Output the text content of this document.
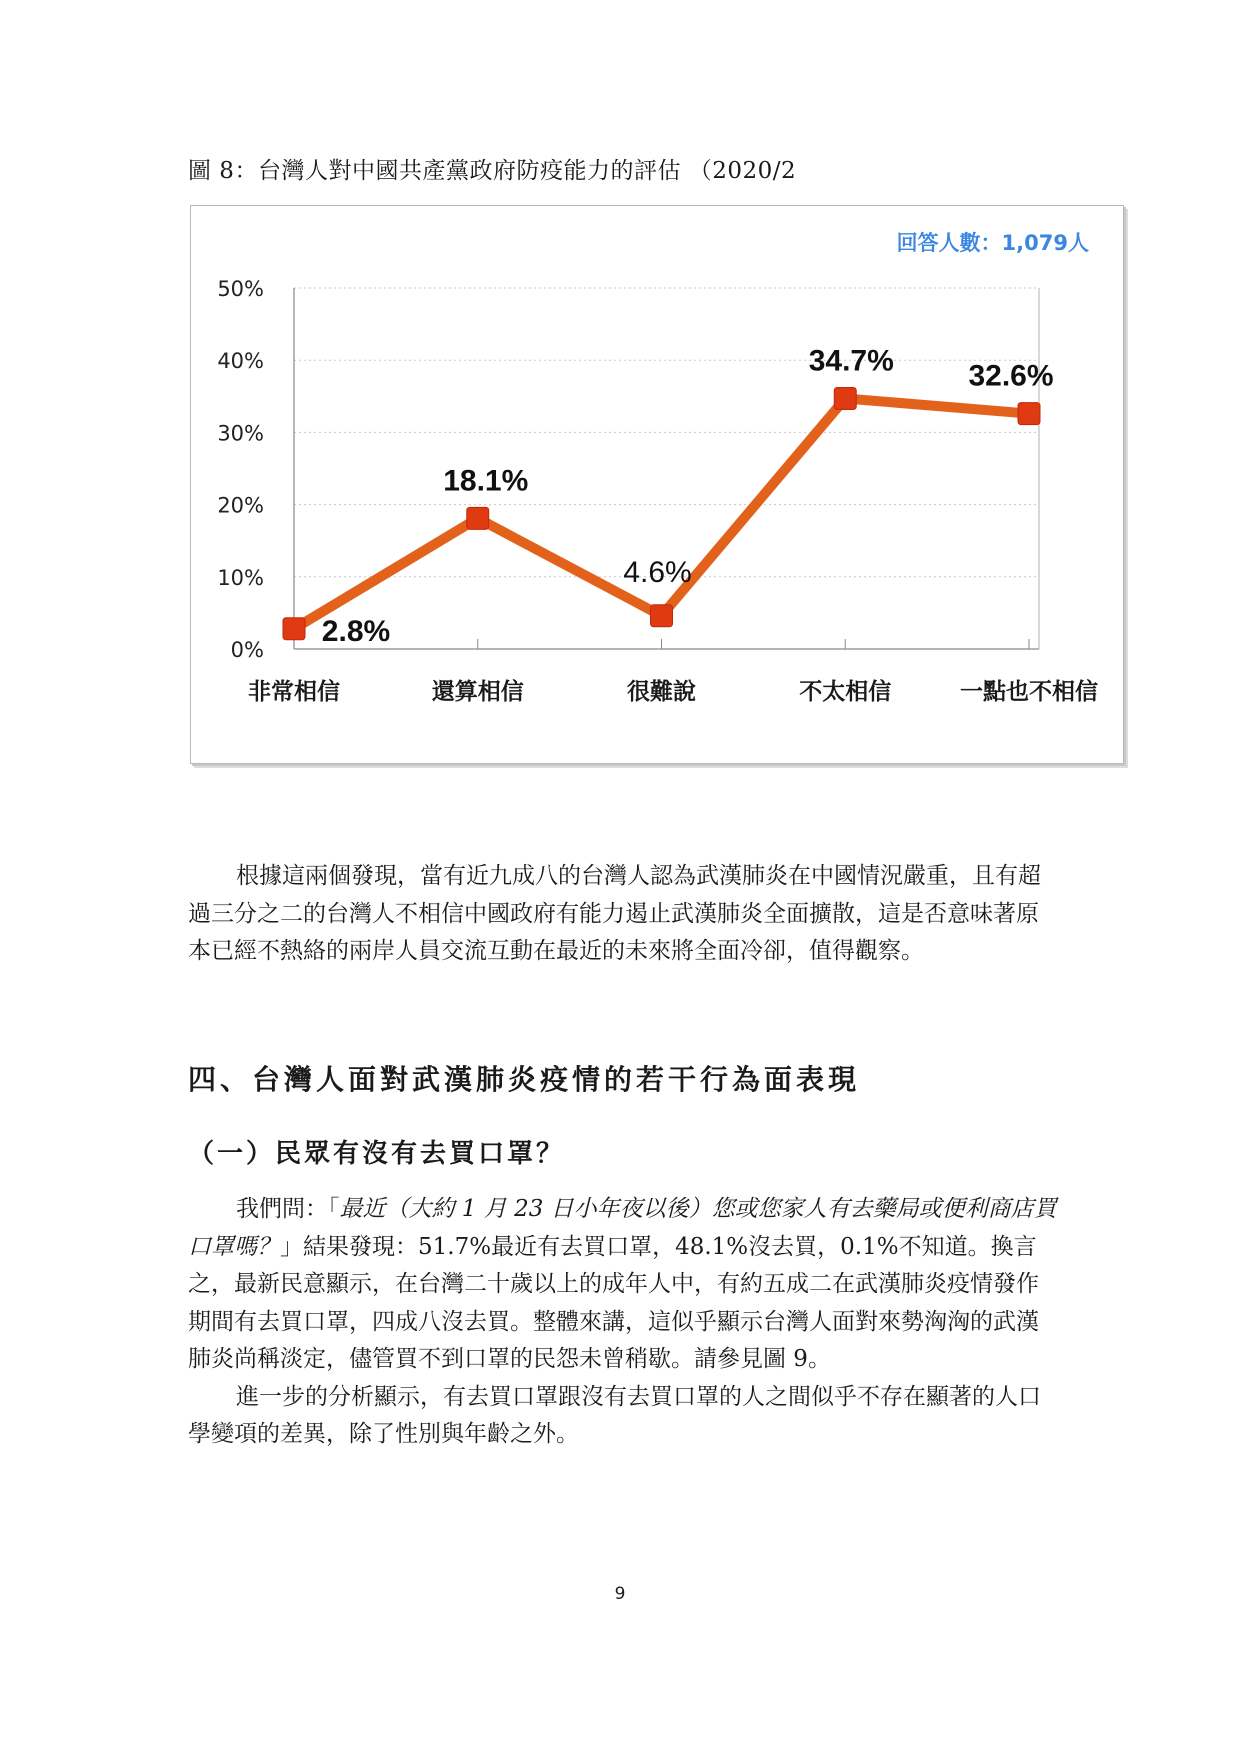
圖 8：台灣人對中國共產黨政府防疫能力的評估 （2020/2
回答人數：1,079人
0%
10%
20%
30%
40%
50%
非常相信	還算相信	很難說	不太相信	一點也不相信
2.8%
18.1%
4.6%
34.7% 32.6%

根據這兩個發現，當有近九成八的台灣人認為武漢肺炎在中國情況嚴重，且有超過三分之二的台灣人不相信中國政府有能力遏止武漢肺炎全面擴散，這是否意味著原本已經不熱絡的兩岸人員交流互動在最近的未來將全面冷卻，值得觀察。

四、台灣人面對武漢肺炎疫情的若干行為面表現
（一）民眾有沒有去買口罩？

我們問：「最近（大約 1 月 23 日小年夜以後）您或您家人有去藥局或便利商店買口罩嗎？」結果發現：51.7%最近有去買口罩，48.1%沒去買，0.1%不知道。換言之，最新民意顯示，在台灣二十歲以上的成年人中，有約五成二在武漢肺炎疫情發作期間有去買口罩，四成八沒去買。整體來講，這似乎顯示台灣人面對來勢洶洶的武漢肺炎尚稱淡定，儘管買不到口罩的民怨未曾稍歇。請參見圖 9。

進一步的分析顯示，有去買口罩跟沒有去買口罩的人之間似乎不存在顯著的人口學變項的差異，除了性別與年齡之外。

9
